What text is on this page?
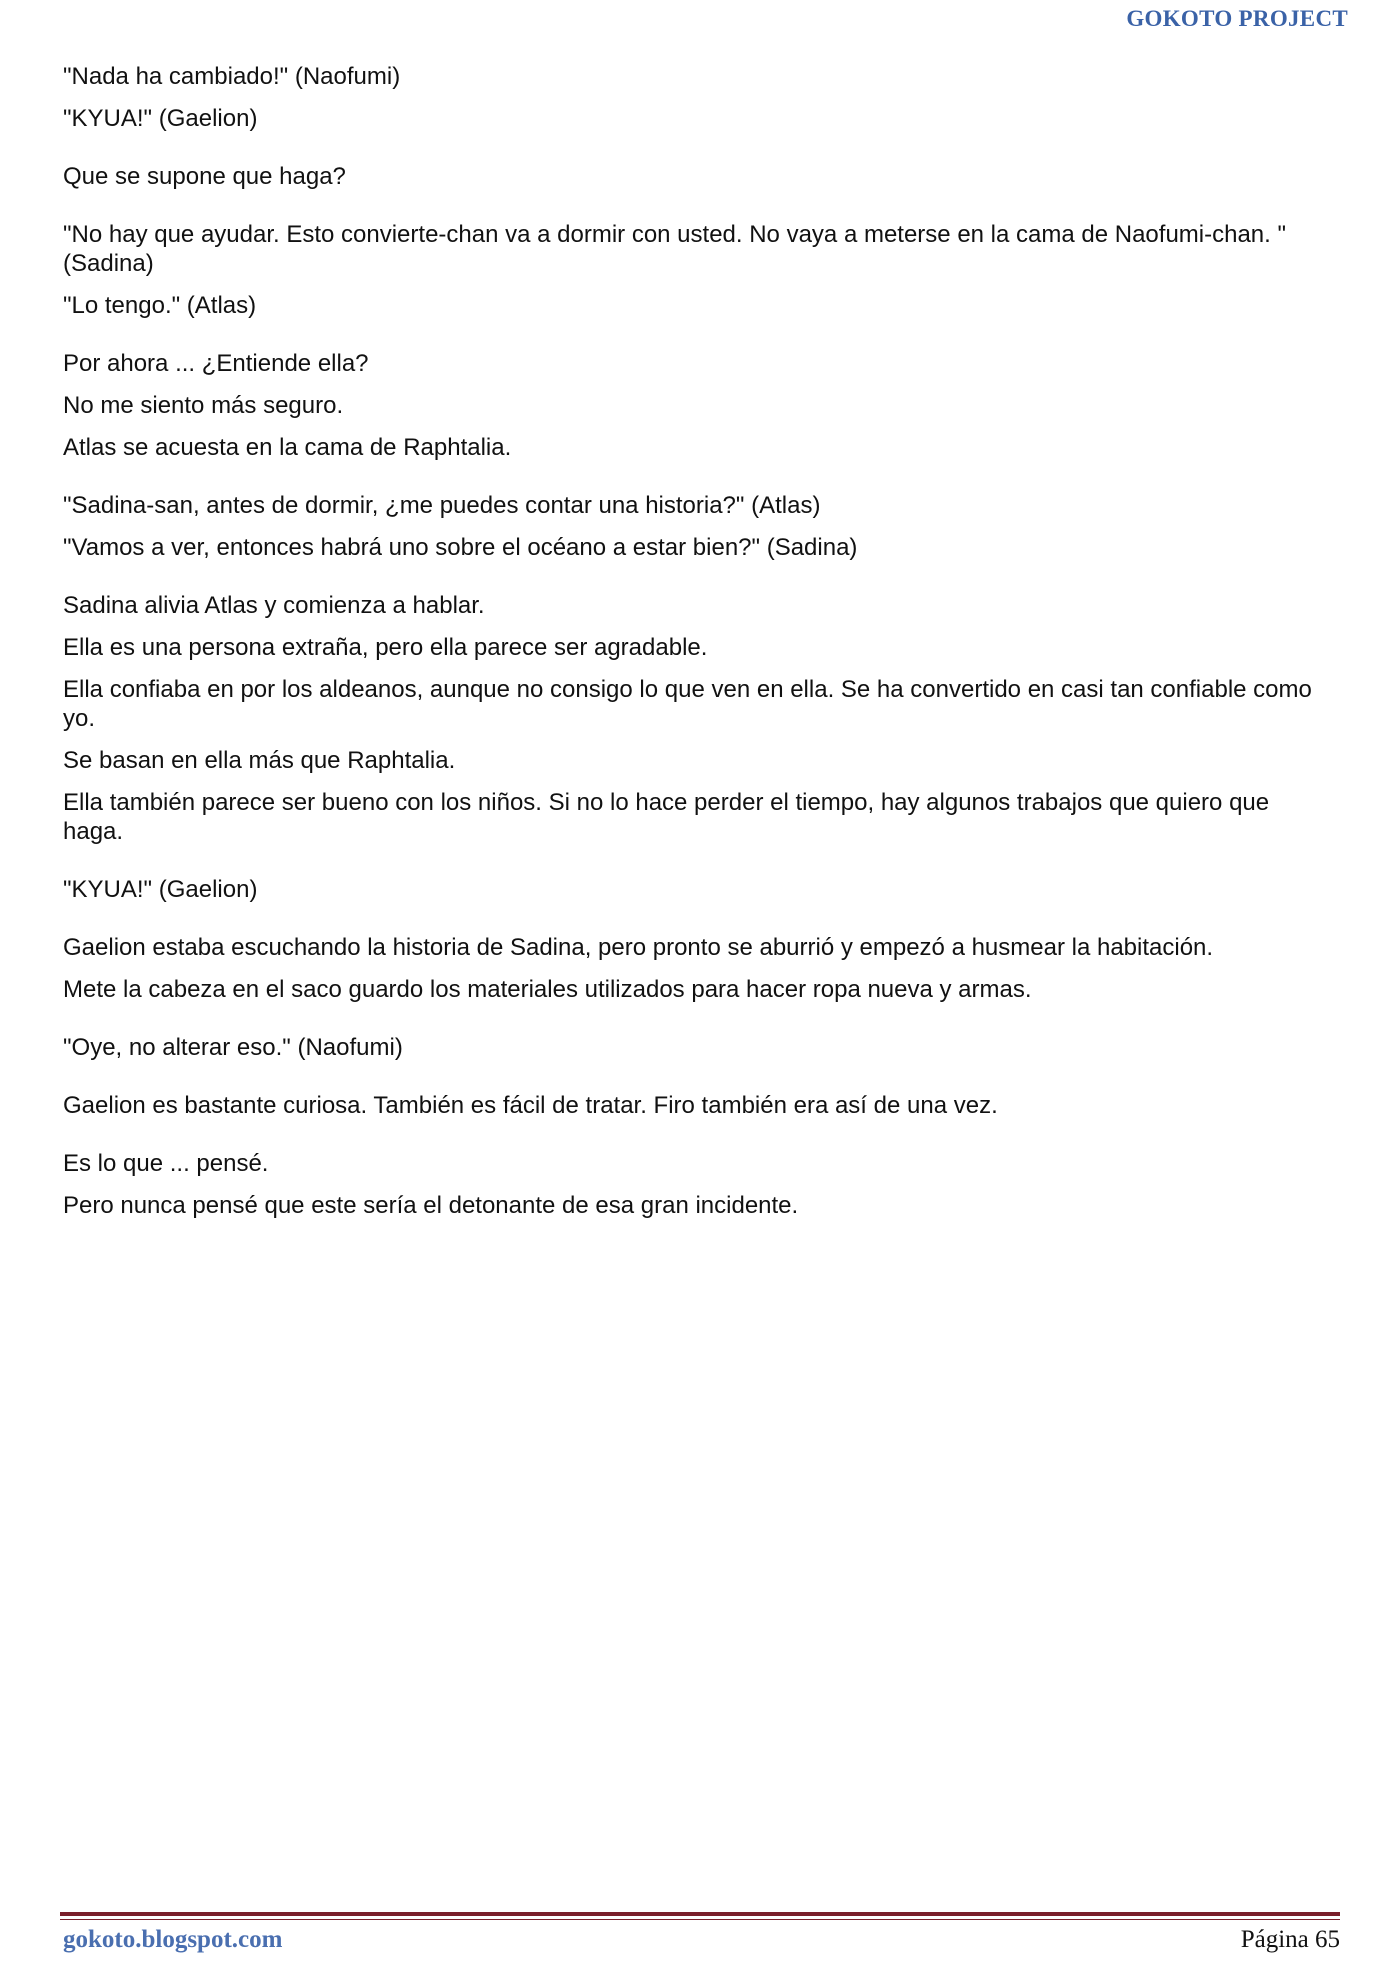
GOKOTO PROJECT

"Nada ha cambiado!" (Naofumi)

"KYUA!" (Gaelion)

Que se supone que haga?

"No hay que ayudar. Esto convierte-chan va a dormir con usted. No vaya a meterse en la cama de Naofumi-chan. "(Sadina)

"Lo tengo." (Atlas)

Por ahora ... ¿Entiende ella?

No me siento más seguro.

Atlas se acuesta en la cama de Raphtalia.

"Sadina-san, antes de dormir, ¿me puedes contar una historia?" (Atlas)

"Vamos a ver, entonces habrá uno sobre el océano a estar bien?" (Sadina)

Sadina alivia Atlas y comienza a hablar.

Ella es una persona extraña, pero ella parece ser agradable.

Ella confiaba en por los aldeanos, aunque no consigo lo que ven en ella. Se ha convertido en casi tan confiable como yo.

Se basan en ella más que Raphtalia.

Ella también parece ser bueno con los niños. Si no lo hace perder el tiempo, hay algunos trabajos que quiero que haga.

"KYUA!" (Gaelion)

Gaelion estaba escuchando la historia de Sadina, pero pronto se aburrió y empezó a husmear la habitación.

Mete la cabeza en el saco guardo los materiales utilizados para hacer ropa nueva y armas.

"Oye, no alterar eso." (Naofumi)

Gaelion es bastante curiosa. También es fácil de tratar. Firo también era así de una vez.

Es lo que ... pensé.

Pero nunca pensé que este sería el detonante de esa gran incidente.

gokoto.blogspot.com	Página 65
